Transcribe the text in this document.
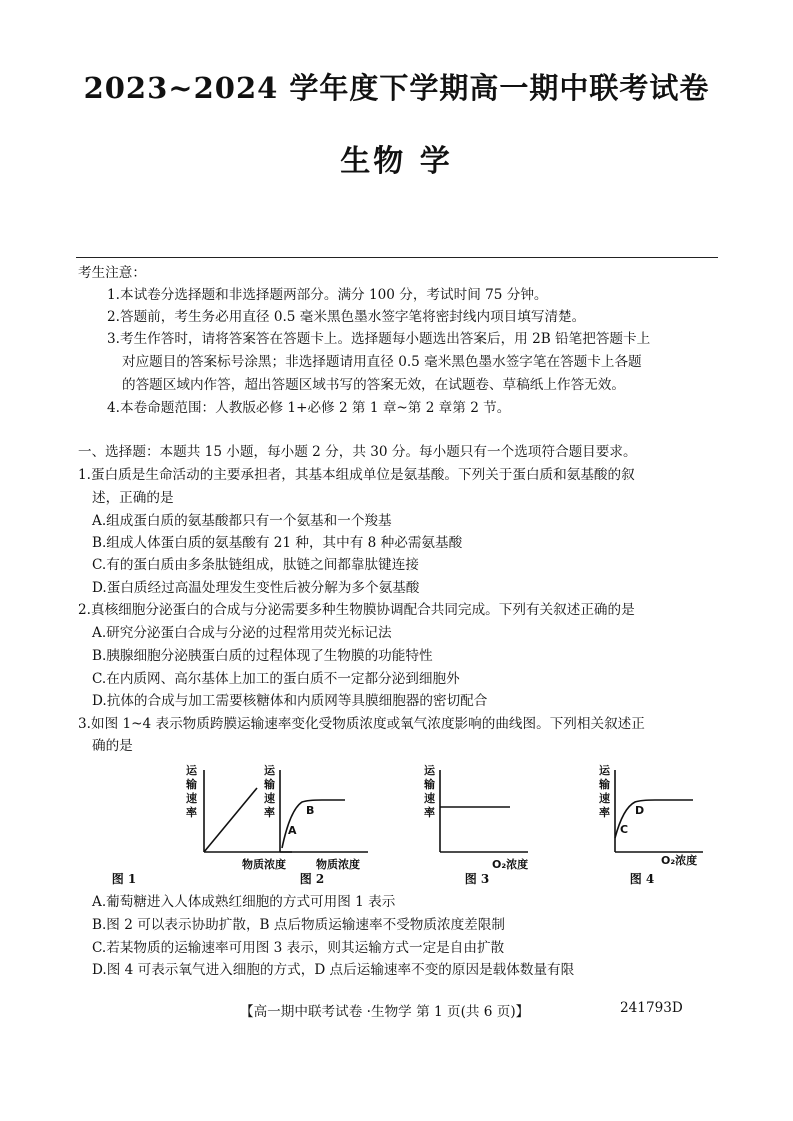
2023~2024 学年度下学期高一期中联考试卷
生物 学
考生注意：
1.本试卷分选择题和非选择题两部分。满分 100 分，考试时间 75 分钟。
2.答题前，考生务必用直径 0.5 毫米黑色墨水签字笔将密封线内项目填写清楚。
3.考生作答时，请将答案答在答题卡上。选择题每小题选出答案后，用 2B 铅笔把答题卡上
对应题目的答案标号涂黑；非选择题请用直径 0.5 毫米黑色墨水签字笔在答题卡上各题
的答题区域内作答，超出答题区域书写的答案无效，在试题卷、草稿纸上作答无效。
4.本卷命题范围：人教版必修 1+必修 2 第 1 章~第 2 章第 2 节。
一、选择题：本题共 15 小题，每小题 2 分，共 30 分。每小题只有一个选项符合题目要求。
1.蛋白质是生命活动的主要承担者，其基本组成单位是氨基酸。下列关于蛋白质和氨基酸的叙
述，正确的是
A.组成蛋白质的氨基酸都只有一个氨基和一个羧基
B.组成人体蛋白质的氨基酸有 21 种，其中有 8 种必需氨基酸
C.有的蛋白质由多条肽链组成，肽链之间都靠肽键连接
D.蛋白质经过高温处理发生变性后被分解为多个氨基酸
2.真核细胞分泌蛋白的合成与分泌需要多种生物膜协调配合共同完成。下列有关叙述正确的是
A.研究分泌蛋白合成与分泌的过程常用荧光标记法
B.胰腺细胞分泌胰蛋白质的过程体现了生物膜的功能特性
C.在内质网、高尔基体上加工的蛋白质不一定都分泌到细胞外
D.抗体的合成与加工需要核糖体和内质网等具膜细胞器的密切配合
3.如图 1~4 表示物质跨膜运输速率变化受物质浓度或氧气浓度影响的曲线图。下列相关叙述正
确的是
运
输
速
率
物质浓度
图 1
运
输
速
率
A
B
物质浓度
图 2
运
输
速
率
O₂浓度
图 3
运
输
速
率
C
D
O₂浓度
图 4
A.葡萄糖进入人体成熟红细胞的方式可用图 1 表示
B.图 2 可以表示协助扩散，B 点后物质运输速率不受物质浓度差限制
C.若某物质的运输速率可用图 3 表示，则其运输方式一定是自由扩散
D.图 4 可表示氧气进入细胞的方式，D 点后运输速率不变的原因是载体数量有限
【高一期中联考试卷 ·生物学 第 1 页(共 6 页)】	241793D
